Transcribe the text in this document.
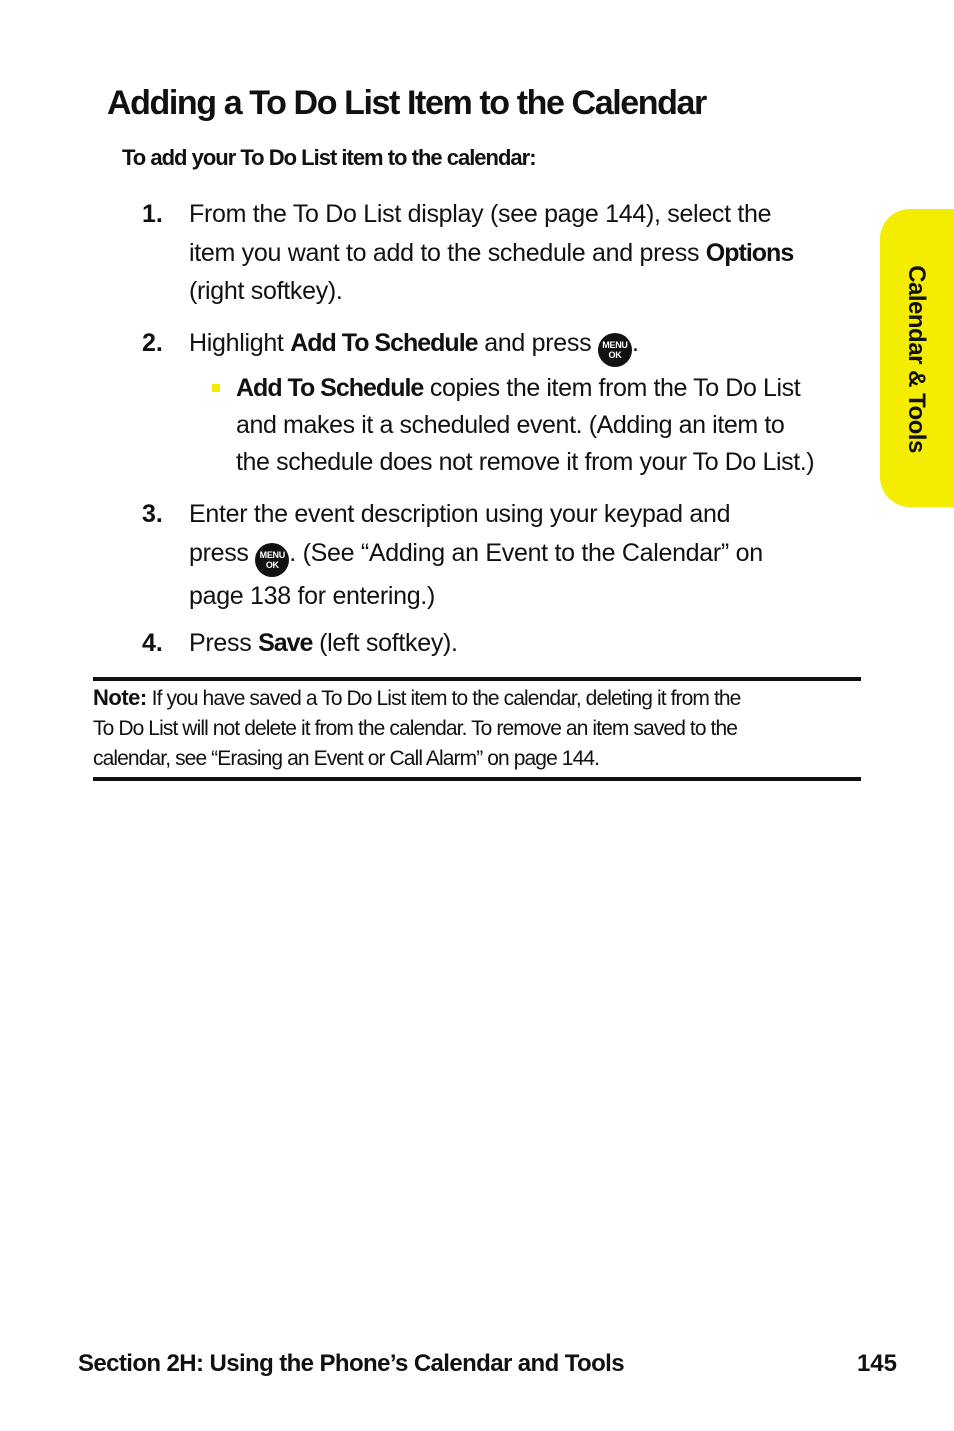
Adding a To Do List Item to the Calendar
To add your To Do List item to the calendar:
1. From the To Do List display (see page 144), select the
item you want to add to the schedule and press Options
(right softkey).
2. Highlight Add To Schedule and press MENU
OK .
Add To Schedule copies the item from the To Do List
and makes it a scheduled event. (Adding an item to
the schedule does not remove it from your To Do List.)
3. Enter the event description using your keypad and
press MENU
OK . (See “Adding an Event to the Calendar” on
page 138 for entering.)
4. Press Save (left softkey).
Note: If you have saved a To Do List item to the calendar, deleting it from the
To Do List will not delete it from the calendar. To remove an item saved to the
calendar, see “Erasing an Event or Call Alarm” on page 144.
Calendar & Tools
Section 2H: Using the Phone’s Calendar and Tools	145
